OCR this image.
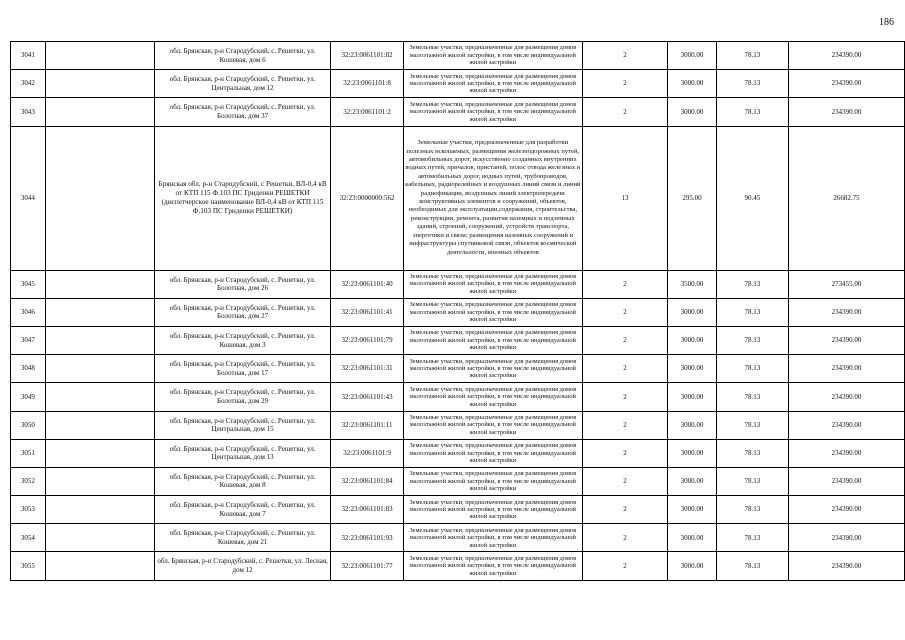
186
3041		обл. Брянская, р-н Стародубский, с. Решетки, ул. Кошевая, дом 6	32:23:0061101:82	Земельные участки, предназначенные для размещения домов малоэтажной жилой застройки, в том числе индивидуальной жилой застройки	2	3000.00	78.13	234390.00
3042		обл. Брянская, р-н Стародубский, с. Решетки, ул. Центральная, дом 12	32:23:0061101:8	Земельные участки, предназначенные для размещения домов малоэтажной жилой застройки, в том числе индивидуальной жилой застройки	2	3000.00	78.13	234390.00
3043		обл. Брянская, р-н Стародубский, с. Решетки, ул. Болотная, дом 37	32:23:0061101:2	Земельные участки, предназначенные для размещения домов малоэтажной жилой застройки, в том числе индивидуальной жилой застройки	2	3000.00	78.13	234390.00
3044		Брянская обл, р-н Стародубский, с Решетки, ВЛ-0,4 кВ от КТП 115 Ф.103 ПС Гриденки РЕШЕТКИ (диспетчерское наименование ВЛ-0,4 кВ от КТП 115 Ф.103 ПС Гриденки РЕШЕТКИ)	32:23:0000000:562	Земельные участки, предназначенные для разработки полезных ископаемых, размещения железнодорожных путей, автомобильных дорог, искусственно созданных внутренних водных путей, причалов, пристаней, полос отвода железных и автомобильных дорог, водных путей, трубопроводов, кабельных, радиорелейных и воздушных линий связи и линий радиофикации, воздушных линий электропередачи конструктивных элементов и сооружений, объектов, необходимых для эксплуатации,содержания, строительства, реконструкции, ремонта, развития наземных и подземных зданий, строений, сооружений, устройств транспорта, энергетики и связи; размещения наземных сооружений и инфраструктуры спутниковой связи, объектов космической деятельности, военных объектов	13	295.00	90.45	26682.75
3045		обл. Брянская, р-н Стародубский, с. Решетки, ул. Болотная, дом 26	32:23:0061101:40	Земельные участки, предназначенные для размещения домов малоэтажной жилой застройки, в том числе индивидуальной жилой застройки	2	3500.00	78.13	273455.00
3046		обл. Брянская, р-н Стародубский, с. Решетки, ул. Болотная, дом 27	32:23:0061101:41	Земельные участки, предназначенные для размещения домов малоэтажной жилой застройки, в том числе индивидуальной жилой застройки	2	3000.00	78.13	234390.00
3047		обл. Брянская, р-н Стародубский, с. Решетки, ул. Кошевая, дом 3	32:23:0061101:79	Земельные участки, предназначенные для размещения домов малоэтажной жилой застройки, в том числе индивидуальной жилой застройки	2	3000.00	78.13	234390.00
3048		обл. Брянская, р-н Стародубский, с. Решетки, ул. Болотная, дом 17	32:23:0061101:31	Земельные участки, предназначенные для размещения домов малоэтажной жилой застройки, в том числе индивидуальной жилой застройки	2	3000.00	78.13	234390.00
3049		обл. Брянская, р-н Стародубский, с. Решетки, ул. Болотная, дом 29	32:23:0061101:43	Земельные участки, предназначенные для размещения домов малоэтажной жилой застройки, в том числе индивидуальной жилой застройки	2	3000.00	78.13	234390.00
3050		обл. Брянская, р-н Стародубский, с. Решетки, ул. Центральная, дом 15	32:23:0061101:11	Земельные участки, предназначенные для размещения домов малоэтажной жилой застройки, в том числе индивидуальной жилой застройки	2	3000.00	78.13	234390.00
3051		обл. Брянская, р-н Стародубский, с. Решетки, ул. Центральная, дом 13	32:23:0061101:9	Земельные участки, предназначенные для размещения домов малоэтажной жилой застройки, в том числе индивидуальной жилой застройки	2	3000.00	78.13	234390.00
3052		обл. Брянская, р-н Стародубский, с. Решетки, ул. Кошевая, дом 8	32:23:0061101:84	Земельные участки, предназначенные для размещения домов малоэтажной жилой застройки, в том числе индивидуальной жилой застройки	2	3000.00	78.13	234390.00
3053		обл. Брянская, р-н Стародубский, с. Решетки, ул. Кошевая, дом 7	32:23:0061101:83	Земельные участки, предназначенные для размещения домов малоэтажной жилой застройки, в том числе индивидуальной жилой застройки	2	3000.00	78.13	234390.00
3054		обл. Брянская, р-н Стародубский, с. Решетки, ул. Кошевая, дом 21	32:23:0061101:93	Земельные участки, предназначенные для размещения домов малоэтажной жилой застройки, в том числе индивидуальной жилой застройки	2	3000.00	78.13	234390.00
3055		обл. Брянская, р-н Стародубский, с. Решетки, ул. Лесная, дом 12	32:23:0061101:77	Земельные участки, предназначенные для размещения домов малоэтажной жилой застройки, в том числе индивидуальной жилой застройки	2	3000.00	78.13	234390.00
